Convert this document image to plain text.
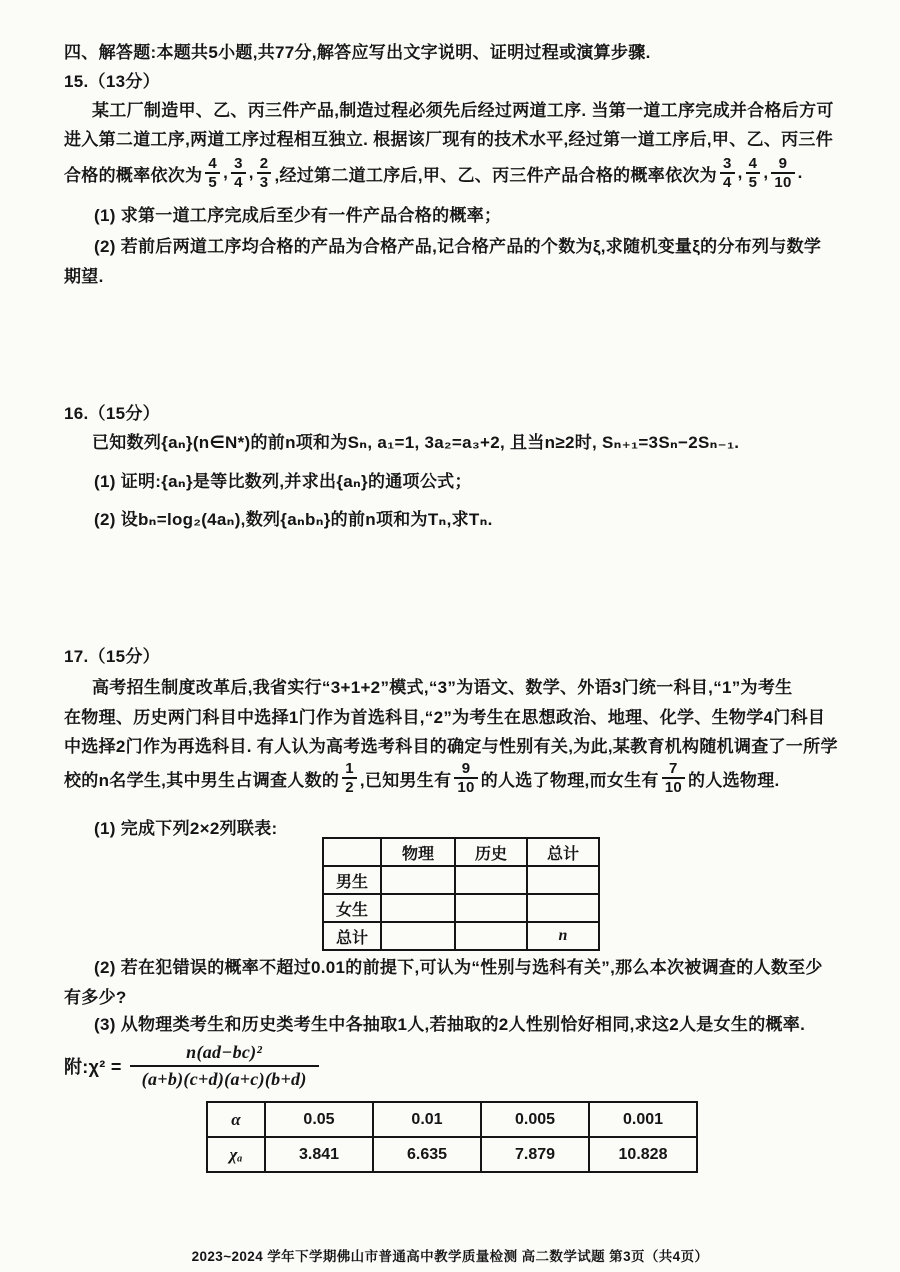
四、解答题:本题共5小题,共77分,解答应写出文字说明、证明过程或演算步骤.
15.（13分）
某工厂制造甲、乙、丙三件产品,制造过程必须先后经过两道工序. 当第一道工序完成并合格后方可
进入第二道工序,两道工序过程相互独立. 根据该厂现有的技术水平,经过第一道工序后,甲、乙、丙三件
合格的概率依次为 $\frac{4}{5}$ , $\frac{3}{4}$ , $\frac{2}{3}$ ,经过第二道工序后,甲、乙、丙三件产品合格的概率依次为 $\frac{3}{4}$ , $\frac{4}{5}$ , $\frac{9}{10}$ .
(1) 求第一道工序完成后至少有一件产品合格的概率；
(2) 若前后两道工序均合格的产品为合格产品,记合格产品的个数为ξ,求随机变量ξ的分布列与数学
期望.
16.（15分）
已知数列{aₙ}(n∈N*)的前n项和为Sₙ, a₁=1, 3a₂=a₃+2, 且当n≥2时, Sₙ₊₁=3Sₙ−2Sₙ₋₁.
(1) 证明:{aₙ}是等比数列,并求出{aₙ}的通项公式；
(2) 设bₙ=log₂(4aₙ),数列{aₙbₙ}的前n项和为Tₙ,求Tₙ.
17.（15分）
高考招生制度改革后,我省实行“3+1+2”模式,“3”为语文、数学、外语3门统一科目,“1”为考生
在物理、历史两门科目中选择1门作为首选科目,“2”为考生在思想政治、地理、化学、生物学4门科目
中选择2门作为再选科目. 有人认为高考选考科目的确定与性别有关,为此,某教育机构随机调查了一所学
校的n名学生,其中男生占调查人数的 $\frac{1}{2}$ ,已知男生有 $\frac{9}{10}$ 的人选了物理,而女生有 $\frac{7}{10}$ 的人选物理.
(1) 完成下列2×2列联表:
	物理	历史	总计
男生			
女生			
总计			n
(2) 若在犯错误的概率不超过0.01的前提下,可认为“性别与选科有关”,那么本次被调查的人数至少
有多少?
(3) 从物理类考生和历史类考生中各抽取1人,若抽取的2人性别恰好相同,求这2人是女生的概率.
附:χ² = $\frac{\text{n(ad−bc)²}}{(a+b)(c+d)(a+c)(b+d)}$
α	0.05	0.01	0.005	0.001
χₐ	3.841	6.635	7.879	10.828
2023~2024 学年下学期佛山市普通高中教学质量检测 高二数学试题 第3页（共4页）
